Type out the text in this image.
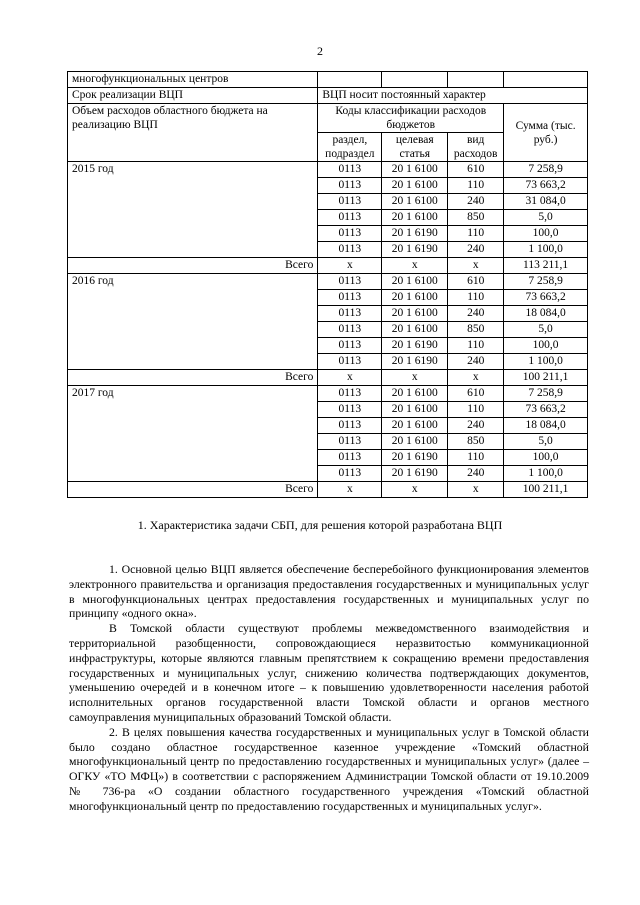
2
многофункциональных центров				
Срок реализации ВЦП	ВЦП носит постоянный характер			
Объем расходов областного бюджета на реализацию ВЦП	Коды классификации расходов бюджетов			Сумма (тыс. руб.)
	раздел, подраздел	целевая статья	вид расходов	
2015 год	0113	20 1 6100	610	7 258,9
	0113	20 1 6100	110	73 663,2
	0113	20 1 6100	240	31 084,0
	0113	20 1 6100	850	5,0
	0113	20 1 6190	110	100,0
	0113	20 1 6190	240	1 100,0
Всего	х	х	х	113 211,1
2016 год	0113	20 1 6100	610	7 258,9
	0113	20 1 6100	110	73 663,2
	0113	20 1 6100	240	18 084,0
	0113	20 1 6100	850	5,0
	0113	20 1 6190	110	100,0
	0113	20 1 6190	240	1 100,0
Всего	х	х	х	100 211,1
2017 год	0113	20 1 6100	610	7 258,9
	0113	20 1 6100	110	73 663,2
	0113	20 1 6100	240	18 084,0
	0113	20 1 6100	850	5,0
	0113	20 1 6190	110	100,0
	0113	20 1 6190	240	1 100,0
Всего	х	х	х	100 211,1
1. Характеристика задачи СБП, для решения которой разработана ВЦП

1. Основной целью ВЦП является обеспечение бесперебойного функционирования элементов электронного правительства и организация предоставления государственных и муниципальных услуг в многофункциональных центрах предоставления государственных и муниципальных услуг по принципу «одного окна».

В Томской области существуют проблемы межведомственного взаимодействия и территориальной разобщенности, сопровождающиеся неразвитостью коммуникационной инфраструктуры, которые являются главным препятствием к сокращению времени предоставления государственных и муниципальных услуг, снижению количества подтверждающих документов, уменьшению очередей и в конечном итоге – к повышению удовлетворенности населения работой исполнительных органов государственной власти Томской области и органов местного самоуправления муниципальных образований Томской области.

2. В целях повышения качества государственных и муниципальных услуг в Томской области было создано областное государственное казенное учреждение «Томский областной многофункциональный центр по предоставлению государственных и муниципальных услуг» (далее – ОГКУ «ТО МФЦ») в соответствии с распоряжением Администрации Томской области от 19.10.2009 № 736-ра «О создании областного государственного учреждения «Томский областной многофункциональный центр по предоставлению государственных и муниципальных услуг».
